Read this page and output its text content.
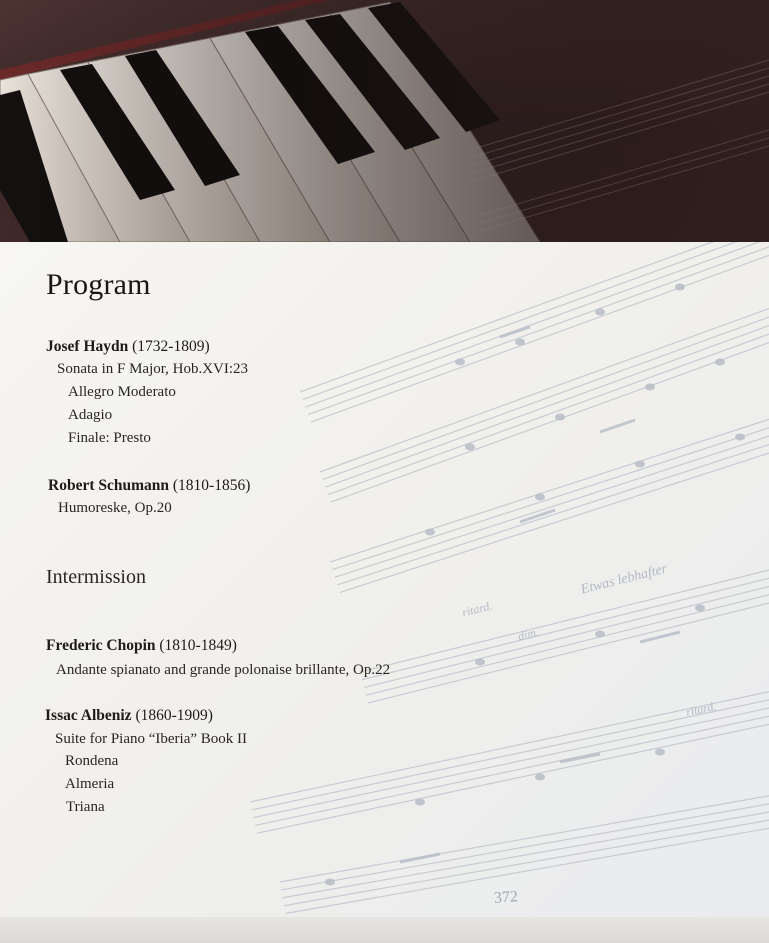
Etwas lebhafter
ritard.
dim.
ritard.
Program
Josef Haydn (1732-1809)
Sonata in F Major, Hob.XVI:23
Allegro Moderato
Adagio
Finale: Presto
Robert Schumann (1810-1856)
Humoreske, Op.20
Intermission
Frederic Chopin (1810-1849)
Andante spianato and grande polonaise brillante, Op.22
Issac Albeniz (1860-1909)
Suite for Piano “Iberia” Book II
Rondena
Almeria
Triana
372
